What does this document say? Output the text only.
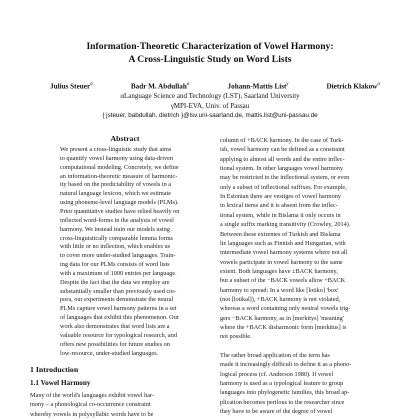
Information-Theoretic Characterization of Vowel Harmony:
A Cross-Linguistic Study on Word Lists
Julius Steuer$^\alpha$	Badr M. Abdullah$^\alpha$	Johann-Mattis List$^\gamma$	Dietrich Klakow$^\alpha$
αLanguage Science and Technology (LST), Saarland University
γMPI-EVA, Univ. of Passau
{ jsteuer, babdullah, dietrich }@lsv.uni-saarland.de, mattis.list@uni-passau.de
Abstract
We present a cross-linguistic study that aims
to quantify vowel harmony using data-driven
computational modeling. Concretely, we define
an information-theoretic measure of harmonic-
ity based on the predictability of vowels in a
natural language lexicon, which we estimate
using phoneme-level language models (PLMs).
Prior quantitative studies have relied heavily on
inflected word-forms in the analysis of vowel
harmony. We instead train our models using
cross-linguistically comparable lemma forms
with little or no inflection, which enables us
to cover more under-studied languages. Train-
ing data for our PLMs consists of word lists
with a maximum of 1000 entries per language.
Despite the fact that the data we employ are
substantially smaller than previously used cor-
pora, our experiments demonstrate the neural
PLMs capture vowel harmony patterns in a set
of languages that exhibit this phenomenon. Our
work also demonstrates that word lists are a
valuable resource for typological research, and
offers new possibilities for future studies on
low-resource, under-studied languages.
1 Introduction
1.1 Vowel Harmony
Many of the world's languages exhibit vowel har-
mony – a phonological co-occurrence constraint
whereby vowels in polysyllabic words have to be
column of +BACK harmony. In the case of Turk-
ish, vowel harmony can be defined as a constraint
applying to almost all words and the entire inflec-
tional system. In other languages vowel harmony
may be restricted to the inflectional system, or even
only a subset of inflectional suffixes. For example,
In Estonian there are vestiges of vowel harmony
in lexical items and it is absent from the inflec-
tional system, while in Bislama it only occurs in
a single suffix marking transitivity (Crowley, 2014).
Between these extremes of Turkish and Bislama
lie languages such as Finnish and Hungarian, with
intermediate vowel harmony systems where not all
vowels participate in vowel harmony to the same
extent. Both languages have ±BACK harmony,
but a subset of the −BACK vowels allow +BACK
harmony to spread: In a word like [lotiko] 'box'
(not [lotikal]), +BACK harmony is not violated,
whereas a word containing only neutral vowels trig-
gers −BACK harmony, as in [merkitys] 'meaning'
where the +BACK disharmonic form [merkitus] is
not possible.
The rather broad application of the term has
made it increasingly difficult to define it as a phono-
logical process (cf. Anderson 1980). If vowel
harmony is used as a typological feature to group
languages into phylogenetic families, this broad ap-
plication becomes perilous to the researcher since
they have to be aware of the degree of vowel
